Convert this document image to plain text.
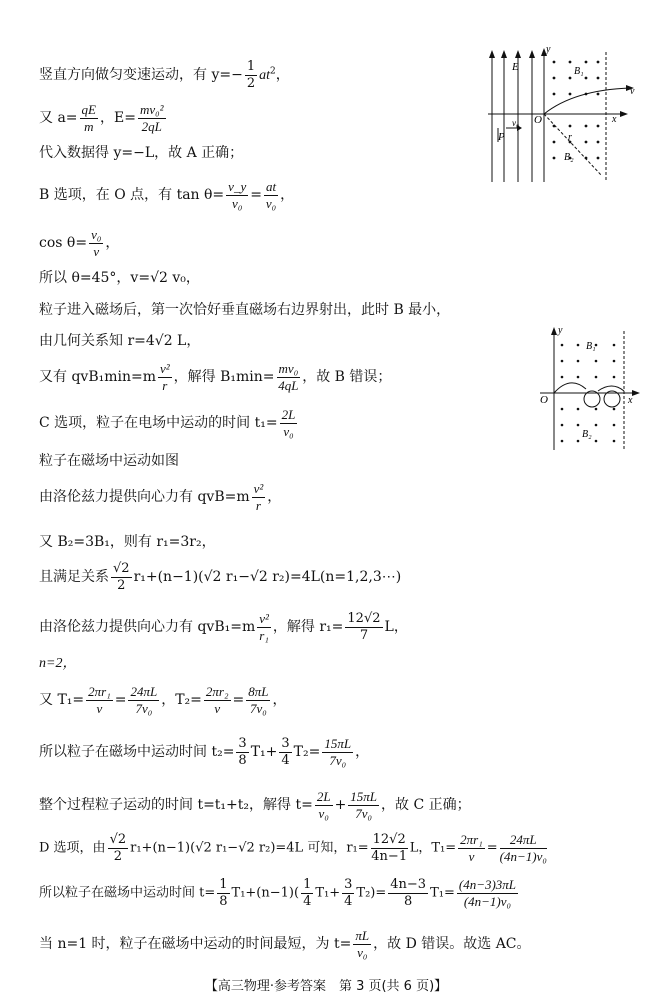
竖直方向做匀变速运动，有 $y=- \frac{1}{2} at^2$，
又 $a= \frac{qE}{m}$ ，$E= \frac{\text{mv₀²}}{2qL}$
代入数据得 y=−L，故 A 正确；
B 选项，在 O 点，有 $\tan \theta= \frac{v\_y}{\text{v₀}} = \frac{at}{\text{v₀}}$ ，
$\cos \theta= \frac{\text{v₀}}{v}$ ，
所以 θ=45°，v=√2 v₀，
粒子进入磁场后，第一次恰好垂直磁场右边界射出，此时 B 最小，
由几何关系知 r=4√2 L，
又有 $qvB_1\min=m \frac{\text{v²}}{r}$ ，解得 $B_1\min= \frac{\text{mv₀}}{4qL}$ ，故 B 错误；
C 选项，粒子在电场中运动的时间 $t_1= \frac{2L}{\text{v₀}}$
粒子在磁场中运动如图
由洛伦兹力提供向心力有 $qvB=m \frac{\text{v²}}{r}$ ，
又 B₂=3B₁，则有 r₁=3r₂，
且满足关系 $\frac{√2}{2} r_1+(n-1)(√2$ r₁−√2 r₂)=4L(n=1,2,3⋯)
由洛伦兹力提供向心力有 $qvB_1=m \frac{\text{v²}}{\text{r₁}}$ ，解得 $r_1= \frac{12√2}{7}$ L，
n=2，
又 $T_1= \frac{\text{2πr₁}}{v} = \frac{24\pi L}{\text{7v₀}}$ ，$T_2= \frac{\text{2πr₂}}{v} = \frac{8\pi L}{\text{7v₀}}$ ，
所以粒子在磁场中运动时间 $t_2= \frac{3}{8} T_1+ \frac{3}{4} T_2= \frac{15\pi L}{\text{7v₀}}$ ，
整个过程粒子运动的时间 t=t₁+t₂，解得 $t= \frac{2L}{\text{v₀}} + \frac{15\pi L}{\text{7v₀}}$ ，故 C 正确；
D 选项，由 $\frac{√2}{2} r_1+(n-1)(√2$ r₁−√2 r₂)=4L 可知，$r_1= \frac{12√2}{4n-1}$ L，$T_1= \frac{\text{2πr₁}}{v} = \frac{24\pi L}{\text{(4n−1)v₀}}$
所以粒子在磁场中运动时间 $t= \frac{1}{8} T_1+(n-1)( \frac{1}{4} T_1+ \frac{3}{4} T_2)= \frac{4n-3}{8} T_1= \frac{(4n-3)3\pi L}{\text{(4n−1)v₀}}$
当 n=1 时，粒子在磁场中运动的时间最短，为 $t= \frac{\pi L}{\text{v₀}}$ ，故 D 错误。故选 AC。
【高三物理·参考答案　第 3 页(共 6 页)】
y
E	B₁
v
v₀ O	x
P	r
B₂
y
B₁
O	x
B₂
